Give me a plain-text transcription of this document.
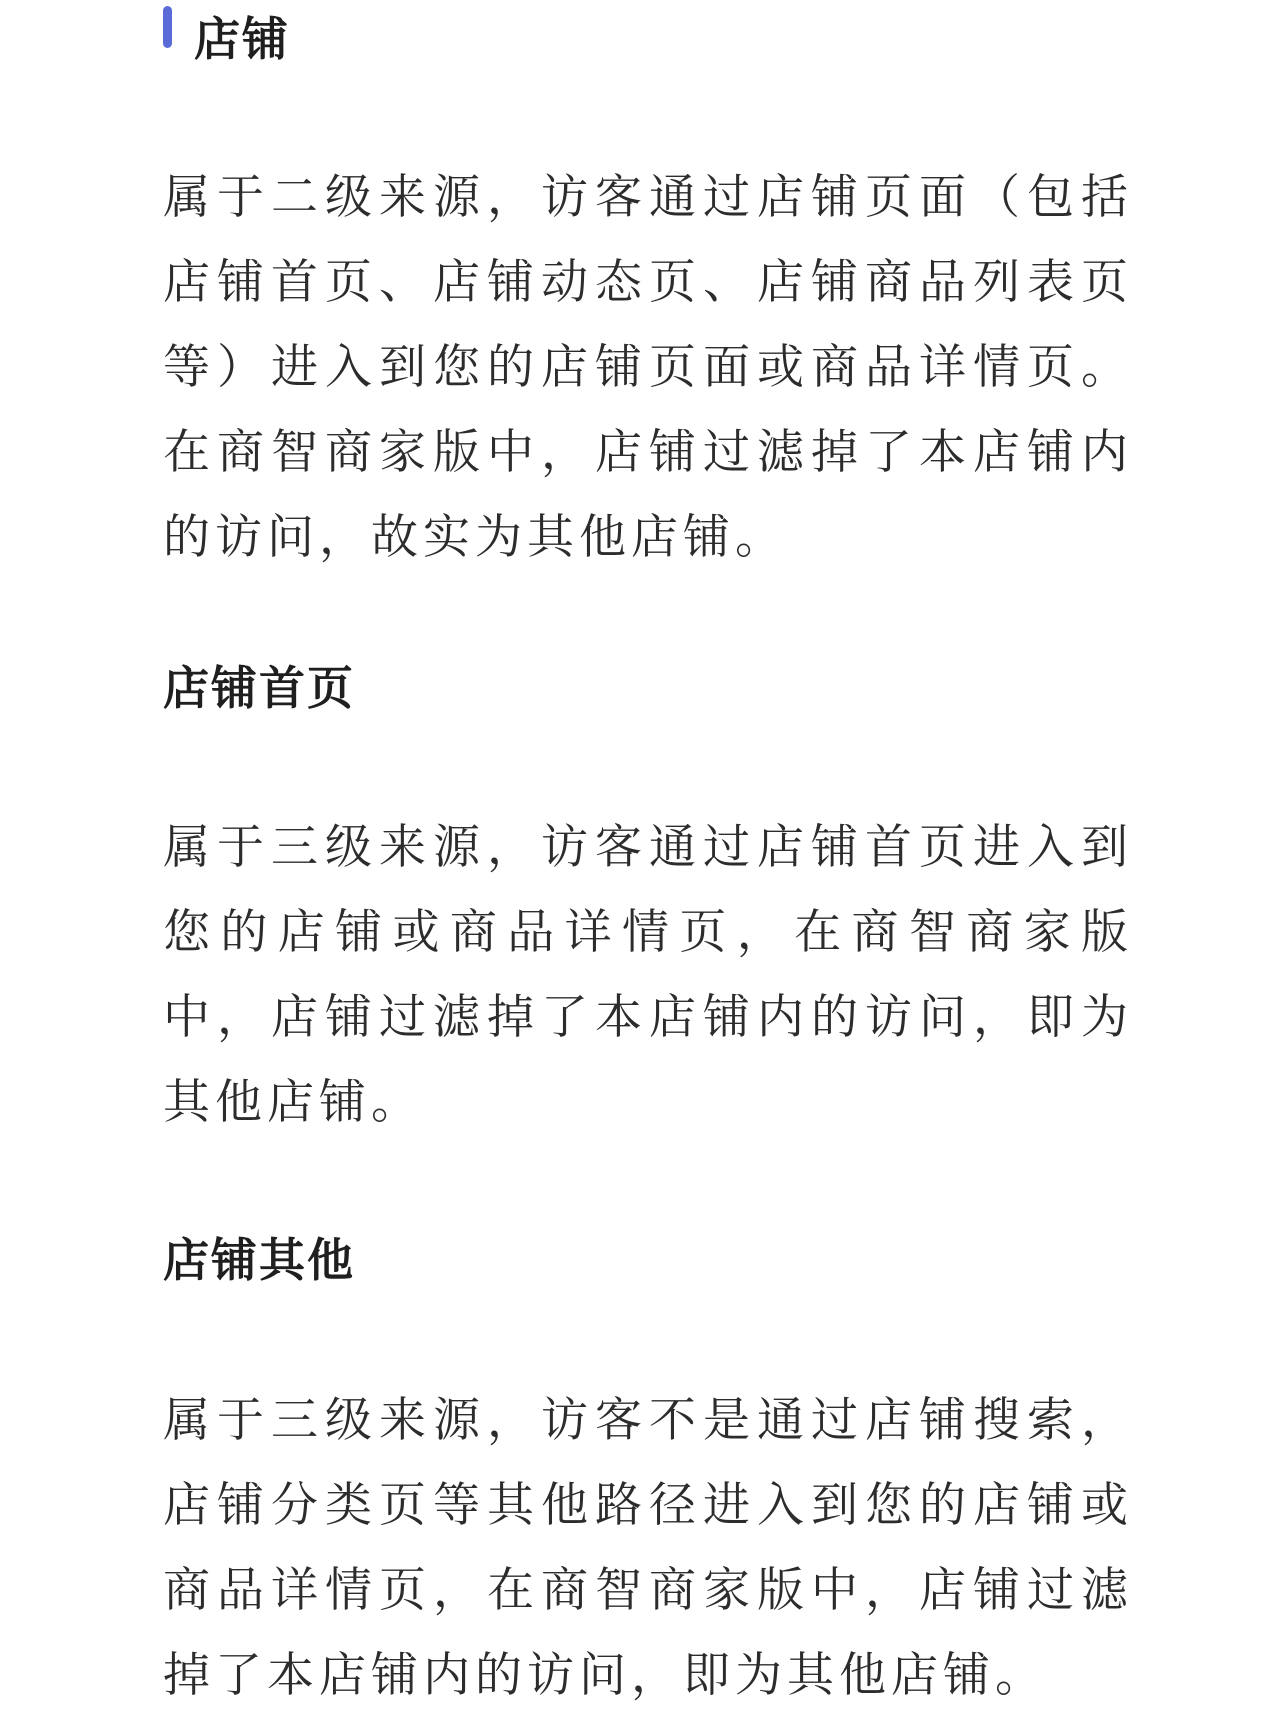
店铺

属于二级来源，访客通过店铺页面（包括店铺首页、店铺动态页、店铺商品列表页等）进入到您的店铺页面或商品详情页。在商智商家版中，店铺过滤掉了本店铺内的访问，故实为其他店铺。

店铺首页

属于三级来源，访客通过店铺首页进入到您的店铺或商品详情页，在商智商家版中，店铺过滤掉了本店铺内的访问，即为其他店铺。

店铺其他

属于三级来源，访客不是通过店铺搜索，店铺分类页等其他路径进入到您的店铺或商品详情页，在商智商家版中，店铺过滤掉了本店铺内的访问，即为其他店铺。
